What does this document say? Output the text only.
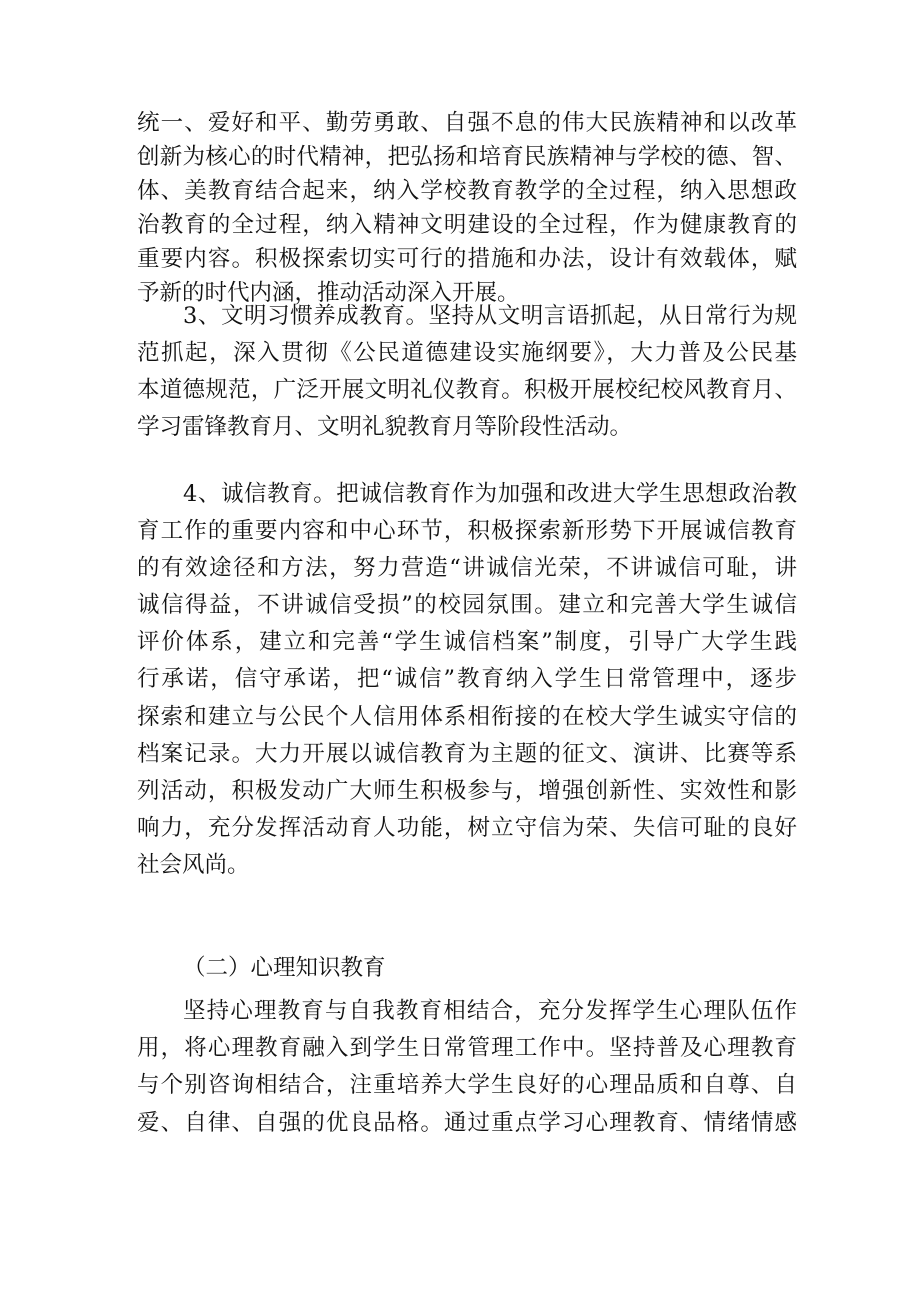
统一、爱好和平、勤劳勇敢、自强不息的伟大民族精神和以改革
创新为核心的时代精神，把弘扬和培育民族精神与学校的德、智、
体、美教育结合起来，纳入学校教育教学的全过程，纳入思想政
治教育的全过程，纳入精神文明建设的全过程，作为健康教育的
重要内容。积极探索切实可行的措施和办法，设计有效载体，赋
予新的时代内涵，推动活动深入开展。
3、文明习惯养成教育。坚持从文明言语抓起，从日常行为规
范抓起，深入贯彻《公民道德建设实施纲要》，大力普及公民基
本道德规范，广泛开展文明礼仪教育。积极开展校纪校风教育月、
学习雷锋教育月、文明礼貌教育月等阶段性活动。
4、诚信教育。把诚信教育作为加强和改进大学生思想政治教
育工作的重要内容和中心环节，积极探索新形势下开展诚信教育
的有效途径和方法，努力营造“讲诚信光荣，不讲诚信可耻，讲
诚信得益，不讲诚信受损”的校园氛围。建立和完善大学生诚信
评价体系，建立和完善“学生诚信档案”制度，引导广大学生践
行承诺，信守承诺，把“诚信”教育纳入学生日常管理中，逐步
探索和建立与公民个人信用体系相衔接的在校大学生诚实守信的
档案记录。大力开展以诚信教育为主题的征文、演讲、比赛等系
列活动，积极发动广大师生积极参与，增强创新性、实效性和影
响力，充分发挥活动育人功能，树立守信为荣、失信可耻的良好
社会风尚。
（二）心理知识教育
坚持心理教育与自我教育相结合，充分发挥学生心理队伍作
用，将心理教育融入到学生日常管理工作中。坚持普及心理教育
与个别咨询相结合，注重培养大学生良好的心理品质和自尊、自
爱、自律、自强的优良品格。通过重点学习心理教育、情绪情感
